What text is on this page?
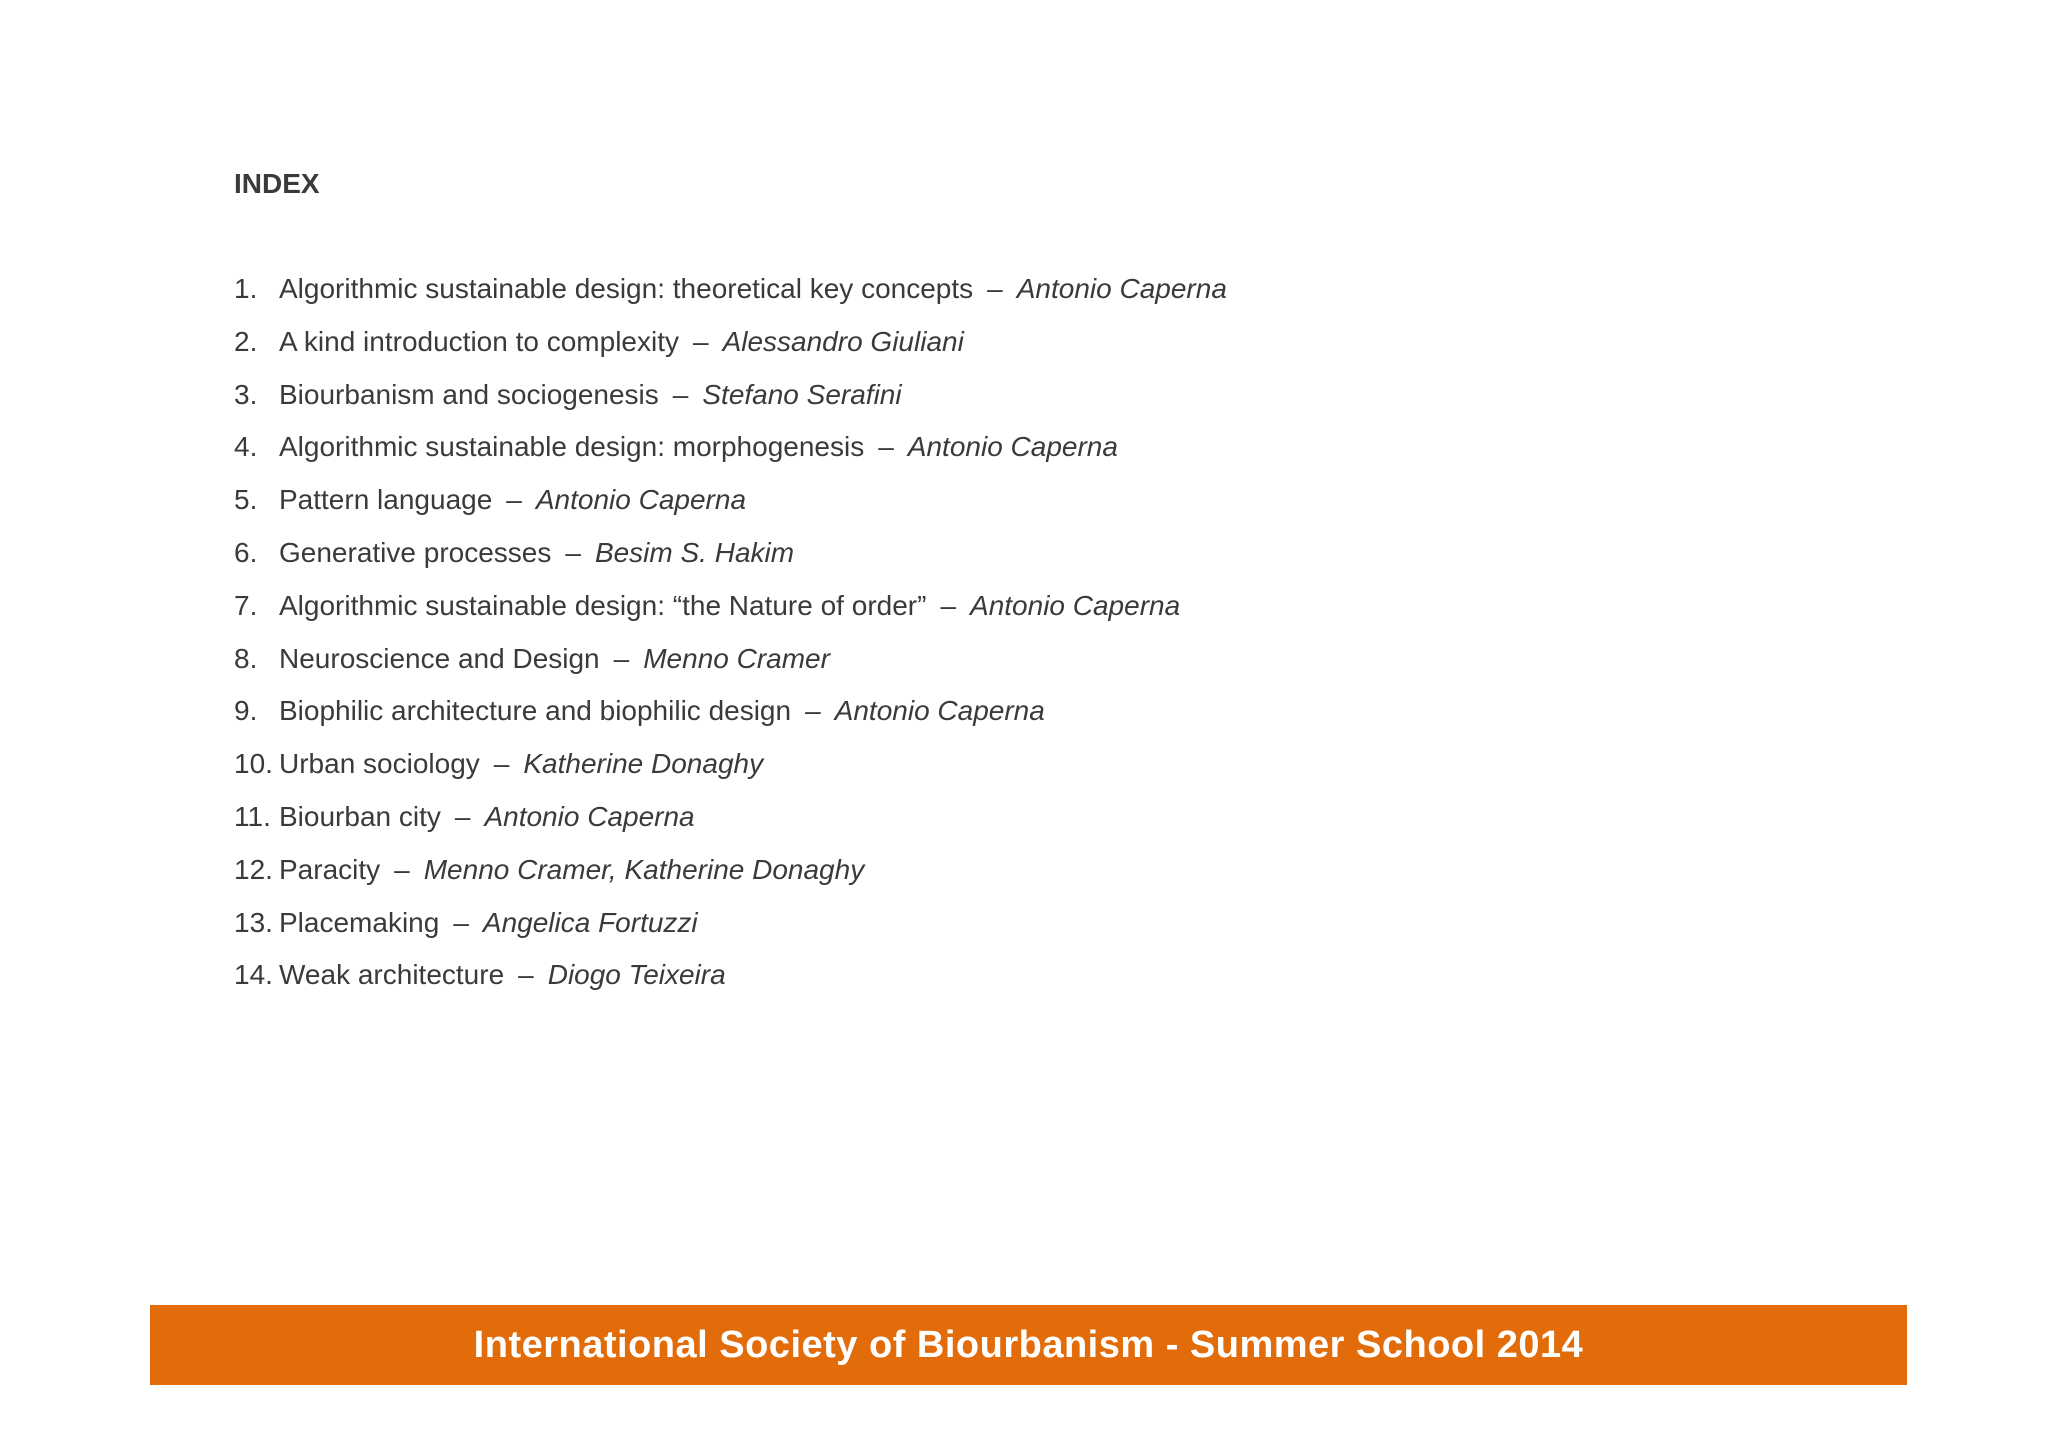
INDEX
1. Algorithmic sustainable design: theoretical key concepts – Antonio Caperna
2. A kind introduction to complexity – Alessandro Giuliani
3. Biourbanism and sociogenesis – Stefano Serafini
4. Algorithmic sustainable design: morphogenesis – Antonio Caperna
5. Pattern language – Antonio Caperna
6. Generative processes – Besim S. Hakim
7. Algorithmic sustainable design: “the Nature of order” – Antonio Caperna
8. Neuroscience and Design – Menno Cramer
9. Biophilic architecture and biophilic design – Antonio Caperna
10. Urban sociology – Katherine Donaghy
11. Biourban city – Antonio Caperna
12. Paracity – Menno Cramer, Katherine Donaghy
13. Placemaking – Angelica Fortuzzi
14. Weak architecture – Diogo Teixeira
International Society of Biourbanism - Summer School 2014
